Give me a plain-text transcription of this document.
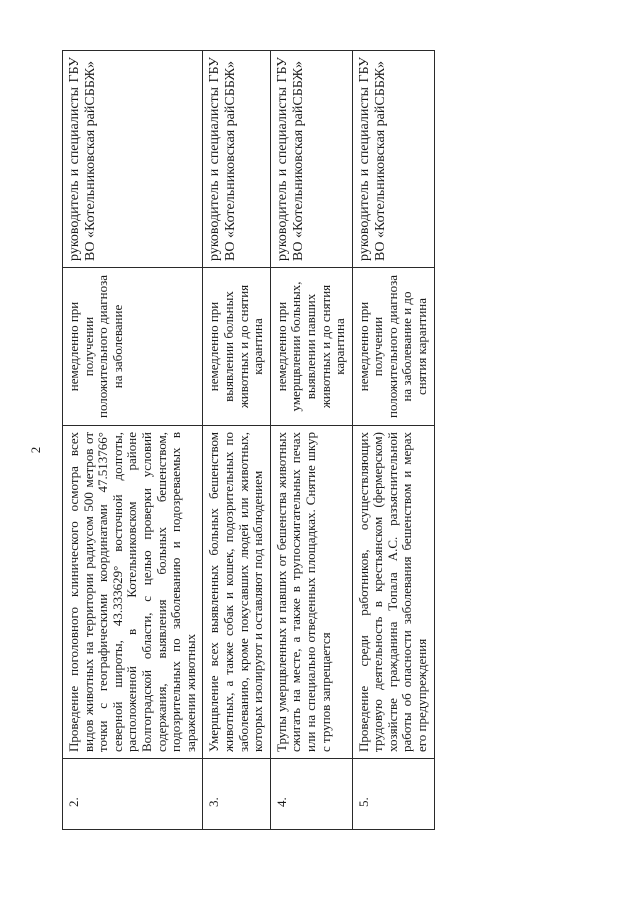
2
2.	Проведение поголовного клинического осмотра всех видов животных на территории радиусом 500 метров от точки с географическими координатами 47.513766° северной широты, 43.333629° восточной долготы, расположенной в Котельниковском районе Волгоградской области, с целью проверки условий содержания, выявления больных бешенством, подозрительных по заболеванию и подозреваемых в заражении животных	немедленно при получении положительного диагноза на заболевание	руководитель и специалисты ГБУ ВО «Котельниковская райСББЖ»
3.	Умерщвление всех выявленных больных бешенством животных, а также собак и кошек, подозрительных по заболеванию, кроме покусавших людей или животных, которых изолируют и оставляют под наблюдением	немедленно при выявлении больных животных и до снятия карантина	руководитель и специалисты ГБУ ВО «Котельниковская райСББЖ»
4.	Трупы умерщвленных и павших от бешенства животных сжигать на месте, а также в трупосжигательных печах или на специально отведенных площадках. Снятие шкур с трупов запрещается	немедленно при умерщвлении больных, выявлении павших животных и до снятия карантина	руководитель и специалисты ГБУ ВО «Котельниковская райСББЖ»
5.	Проведение среди работников, осуществляющих трудовую деятельность в крестьянском (фермерском) хозяйстве гражданина Топала А.С. разъяснительной работы об опасности заболевания бешенством и мерах его предупреждения	немедленно при получении положительного диагноза на заболевание и до снятия карантина	руководитель и специалисты ГБУ ВО «Котельниковская райСББЖ»
